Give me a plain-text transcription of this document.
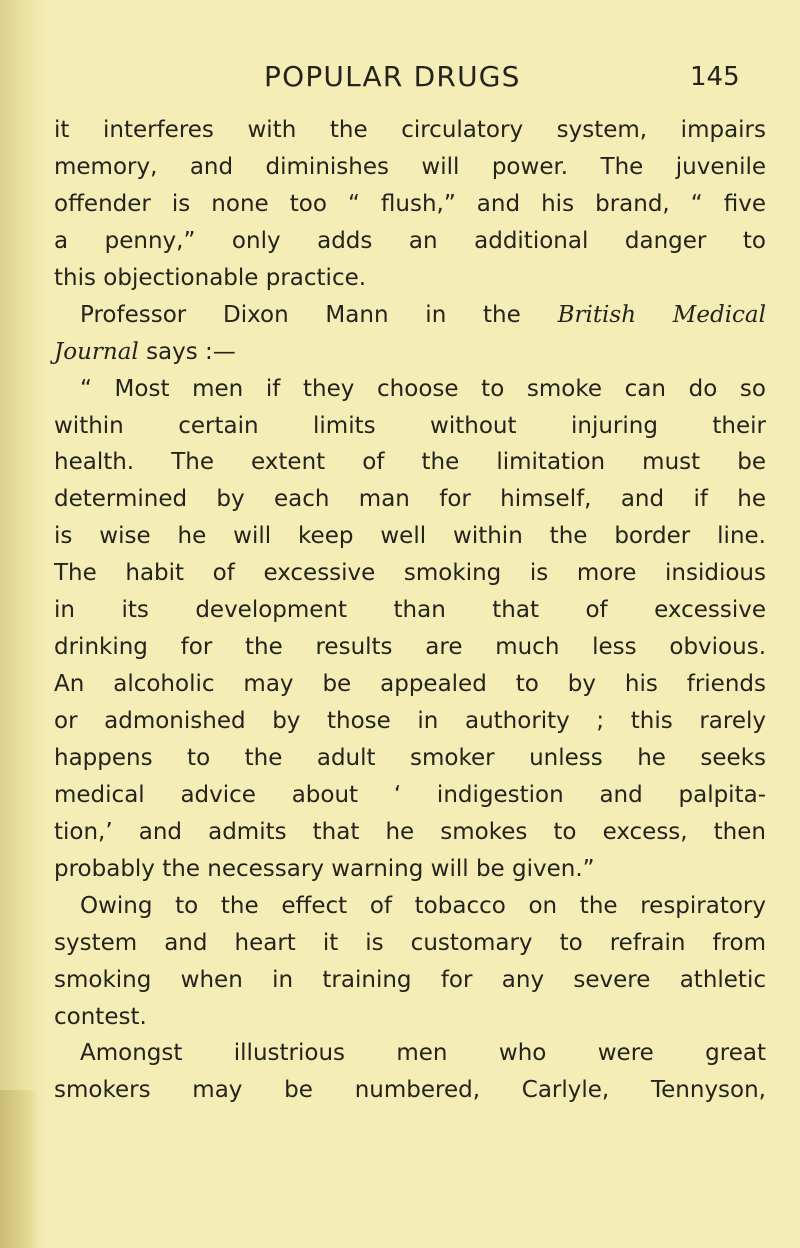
POPULAR DRUGS	145
it interferes with the circulatory system, impairs
memory, and diminishes will power. The juvenile
offender is none too “ flush,” and his brand, “ five
a penny,” only adds an additional danger to
this objectionable practice.
Professor Dixon Mann in the British Medical
Journal says :—
“ Most men if they choose to smoke can do so
within certain limits without injuring their
health. The extent of the limitation must be
determined by each man for himself, and if he
is wise he will keep well within the border line.
The habit of excessive smoking is more insidious
in its development than that of excessive
drinking for the results are much less obvious.
An alcoholic may be appealed to by his friends
or admonished by those in authority ; this rarely
happens to the adult smoker unless he seeks
medical advice about ‘ indigestion and palpita-
tion,’ and admits that he smokes to excess, then
probably the necessary warning will be given.”
Owing to the effect of tobacco on the respiratory
system and heart it is customary to refrain from
smoking when in training for any severe athletic
contest.
Amongst illustrious men who were great
smokers may be numbered, Carlyle, Tennyson,
